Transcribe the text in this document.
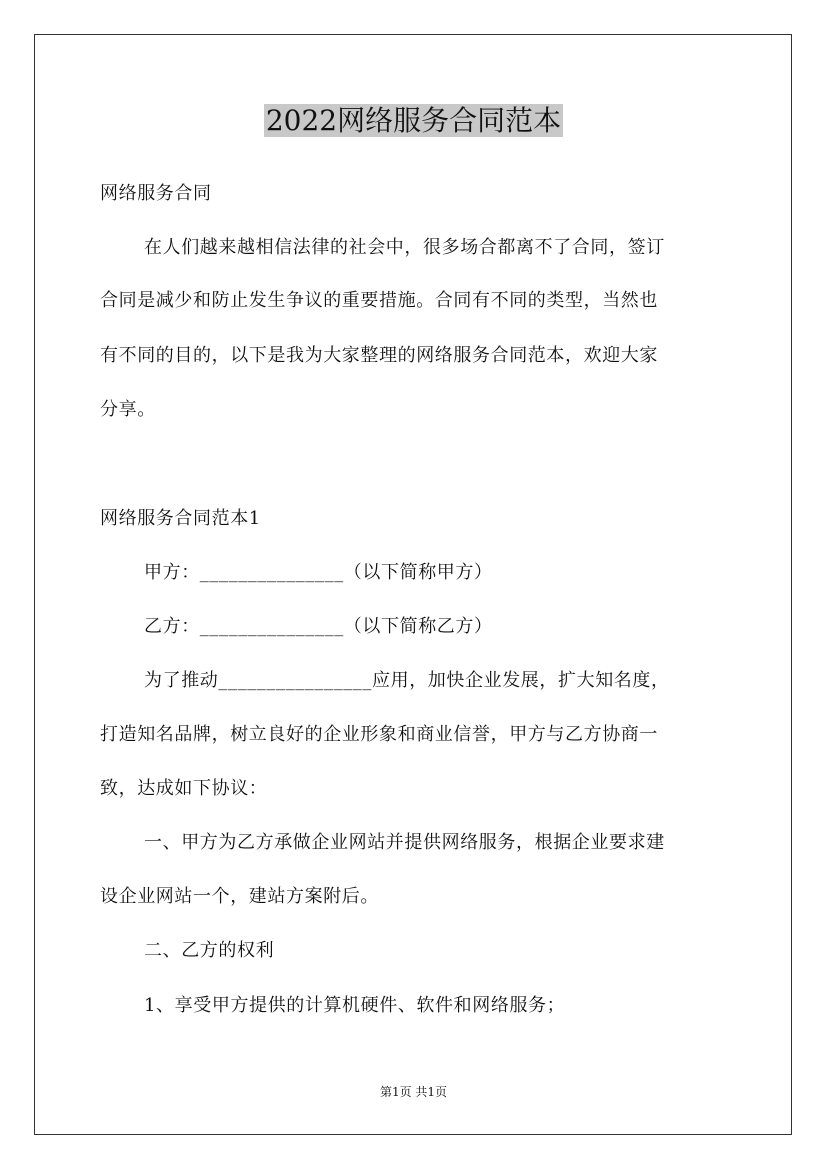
2022网络服务合同范本
网络服务合同
在人们越来越相信法律的社会中，很多场合都离不了合同，签订
合同是减少和防止发生争议的重要措施。合同有不同的类型，当然也
有不同的目的，以下是我为大家整理的网络服务合同范本，欢迎大家
分享。
网络服务合同范本1
甲方：_______________（以下简称甲方）
乙方：_______________（以下简称乙方）
为了推动________________应用，加快企业发展，扩大知名度，
打造知名品牌，树立良好的企业形象和商业信誉，甲方与乙方协商一
致，达成如下协议：
一、甲方为乙方承做企业网站并提供网络服务，根据企业要求建
设企业网站一个，建站方案附后。
二、乙方的权利
1、享受甲方提供的计算机硬件、软件和网络服务；
第1页 共1页
